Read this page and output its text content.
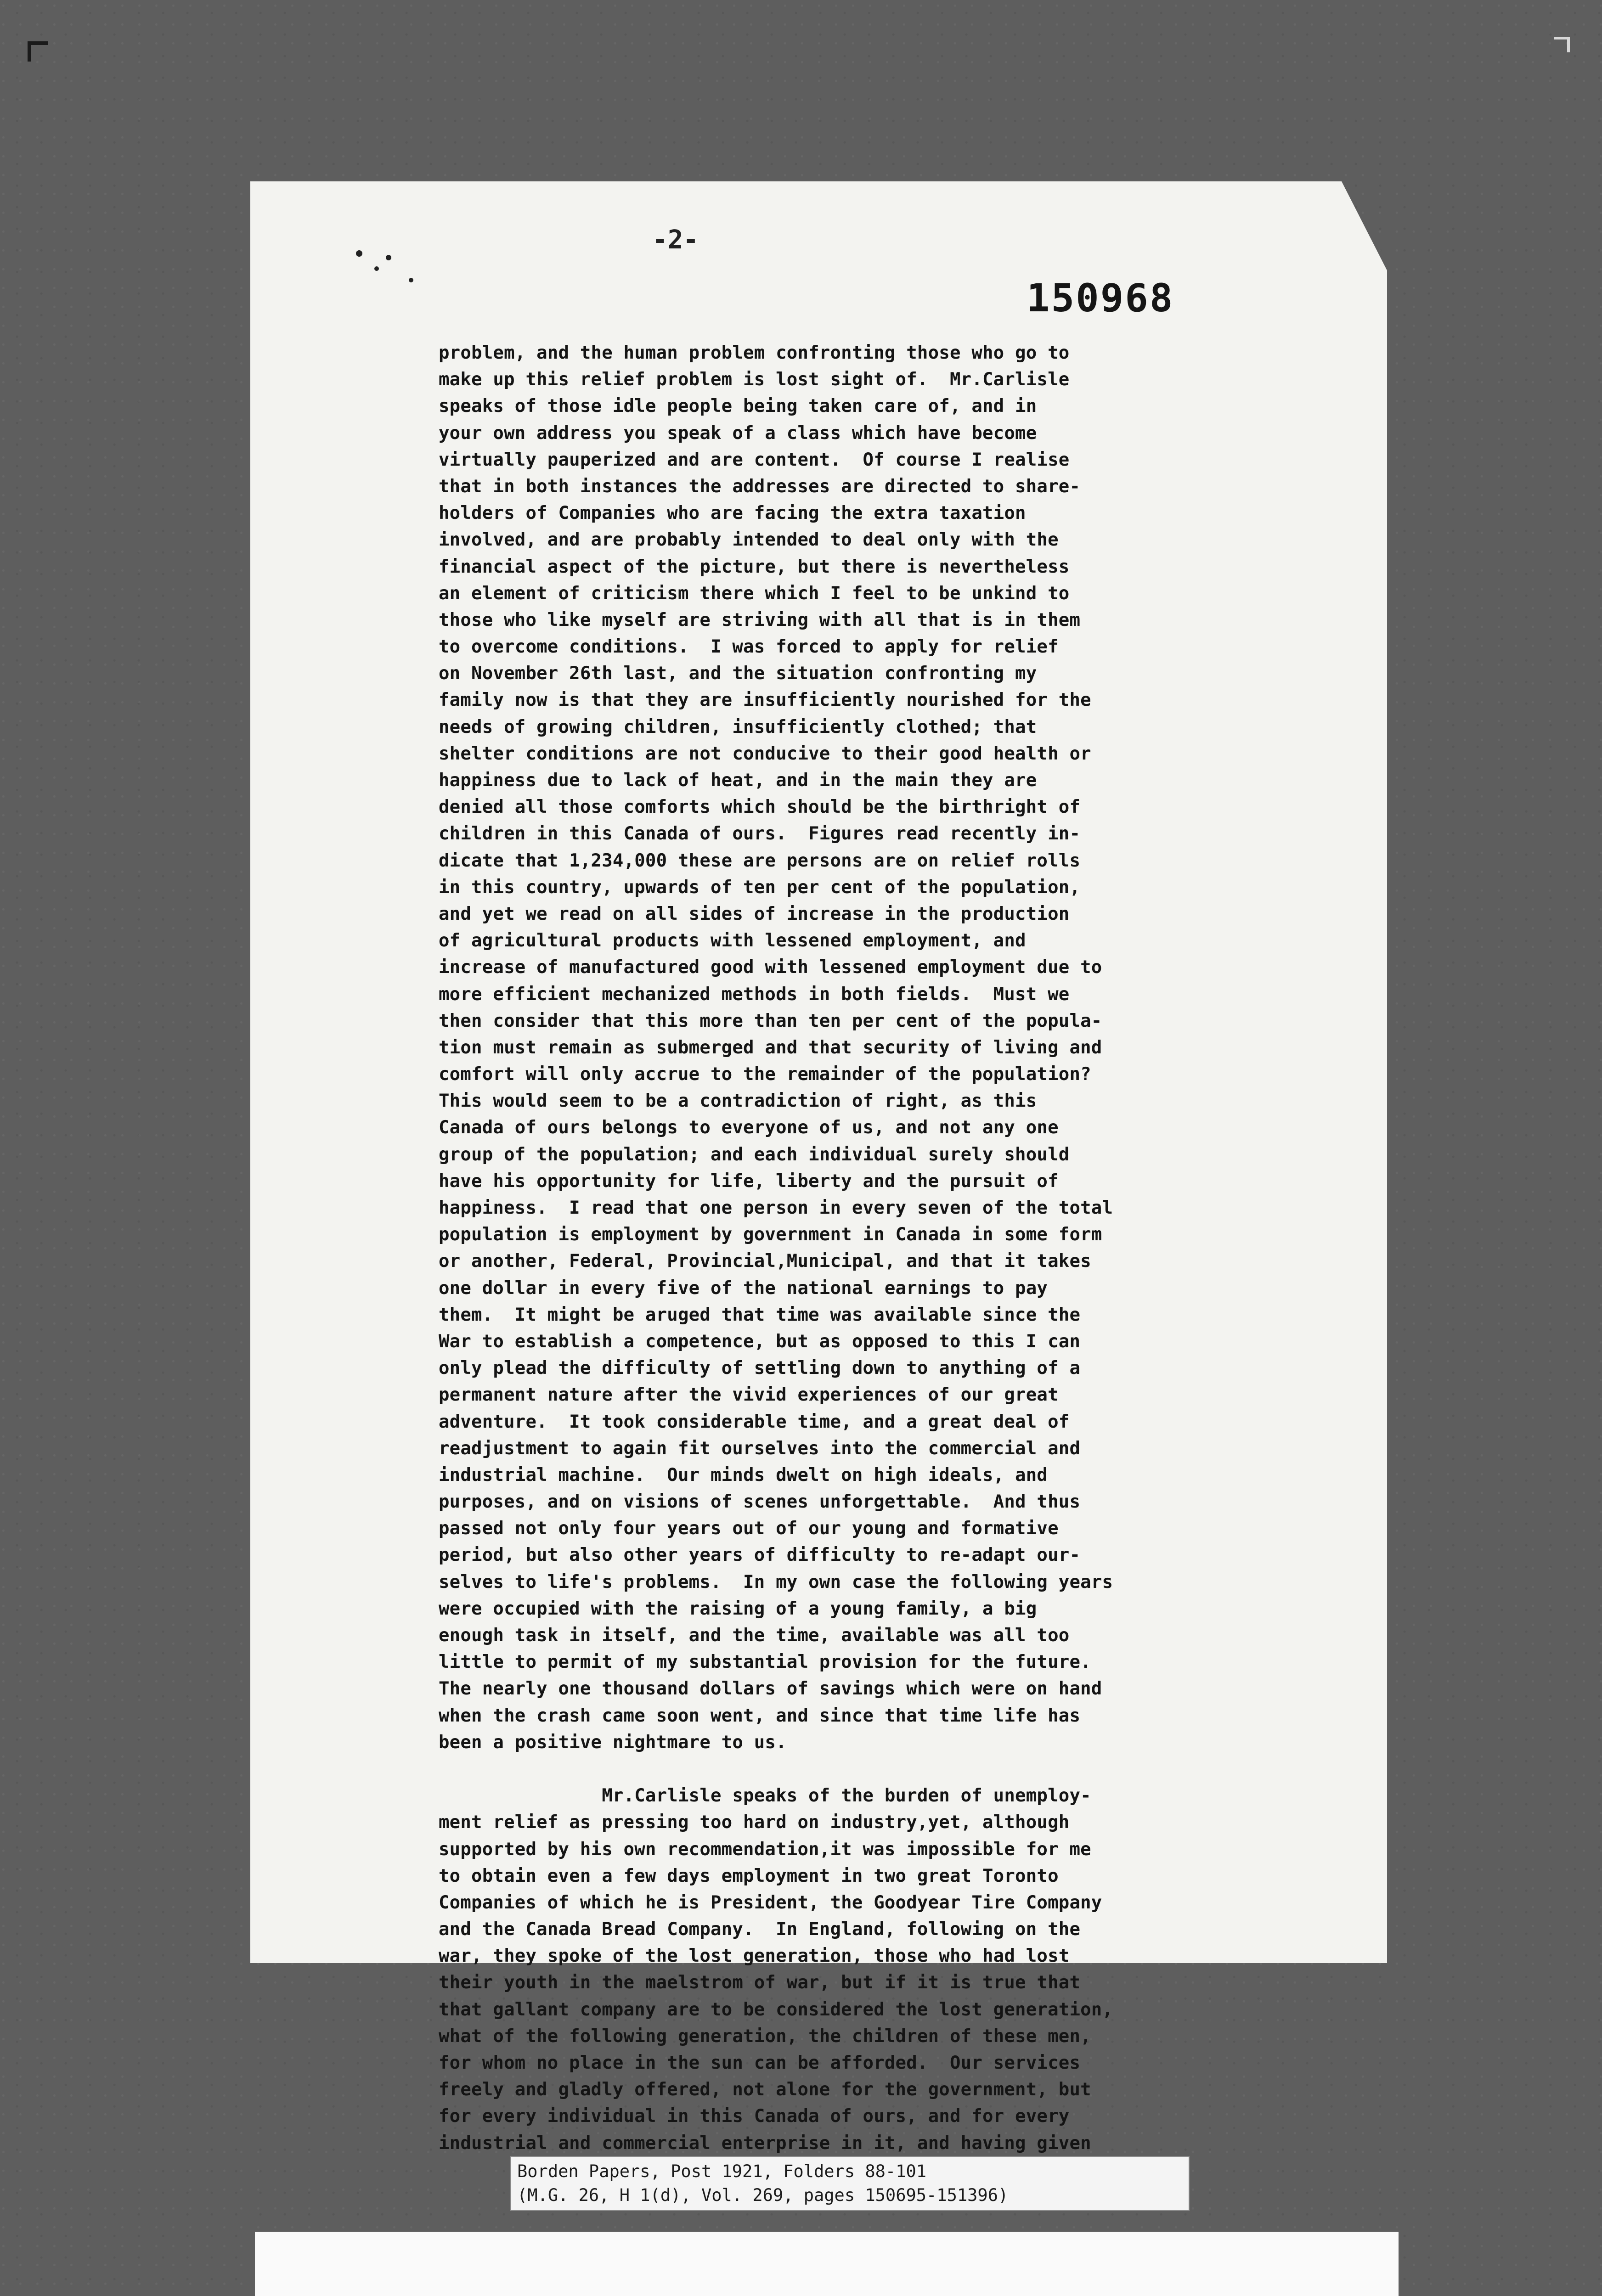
-2-
150968
problem, and the human problem confronting those who go to
make up this relief problem is lost sight of.  Mr.Carlisle
speaks of those idle people being taken care of, and in
your own address you speak of a class which have become
virtually pauperized and are content.  Of course I realise
that in both instances the addresses are directed to share-
holders of Companies who are facing the extra taxation
involved, and are probably intended to deal only with the
financial aspect of the picture, but there is nevertheless
an element of criticism there which I feel to be unkind to
those who like myself are striving with all that is in them
to overcome conditions.  I was forced to apply for relief
on November 26th last, and the situation confronting my
family now is that they are insufficiently nourished for the
needs of growing children, insufficiently clothed; that
shelter conditions are not conducive to their good health or
happiness due to lack of heat, and in the main they are
denied all those comforts which should be the birthright of
children in this Canada of ours.  Figures read recently in-
dicate that 1,234,000 these are persons are on relief rolls
in this country, upwards of ten per cent of the population,
and yet we read on all sides of increase in the production
of agricultural products with lessened employment, and
increase of manufactured good with lessened employment due to
more efficient mechanized methods in both fields.  Must we
then consider that this more than ten per cent of the popula-
tion must remain as submerged and that security of living and
comfort will only accrue to the remainder of the population?
This would seem to be a contradiction of right, as this
Canada of ours belongs to everyone of us, and not any one
group of the population; and each individual surely should
have his opportunity for life, liberty and the pursuit of
happiness.  I read that one person in every seven of the total
population is employment by government in Canada in some form
or another, Federal, Provincial,Municipal, and that it takes
one dollar in every five of the national earnings to pay
them.  It might be aruged that time was available since the
War to establish a competence, but as opposed to this I can
only plead the difficulty of settling down to anything of a
permanent nature after the vivid experiences of our great
adventure.  It took considerable time, and a great deal of
readjustment to again fit ourselves into the commercial and
industrial machine.  Our minds dwelt on high ideals, and
purposes, and on visions of scenes unforgettable.  And thus
passed not only four years out of our young and formative
period, but also other years of difficulty to re-adapt our-
selves to life's problems.  In my own case the following years
were occupied with the raising of a young family, a big
enough task in itself, and the time, available was all too
little to permit of my substantial provision for the future.
The nearly one thousand dollars of savings which were on hand
when the crash came soon went, and since that time life has
been a positive nightmare to us.
Mr.Carlisle speaks of the burden of unemploy-
ment relief as pressing too hard on industry,yet, although
supported by his own recommendation,it was impossible for me
to obtain even a few days employment in two great Toronto
Companies of which he is President, the Goodyear Tire Company
and the Canada Bread Company.  In England, following on the
war, they spoke of the lost generation, those who had lost
their youth in the maelstrom of war, but if it is true that
that gallant company are to be considered the lost generation,
what of the following generation, the children of these men,
for whom no place in the sun can be afforded.  Our services
freely and gladly offered, not alone for the government, but
for every individual in this Canada of ours, and for every
industrial and commercial enterprise in it, and having given
Borden Papers, Post 1921, Folders 88-101
(M.G. 26, H 1(d), Vol. 269, pages 150695-151396)
